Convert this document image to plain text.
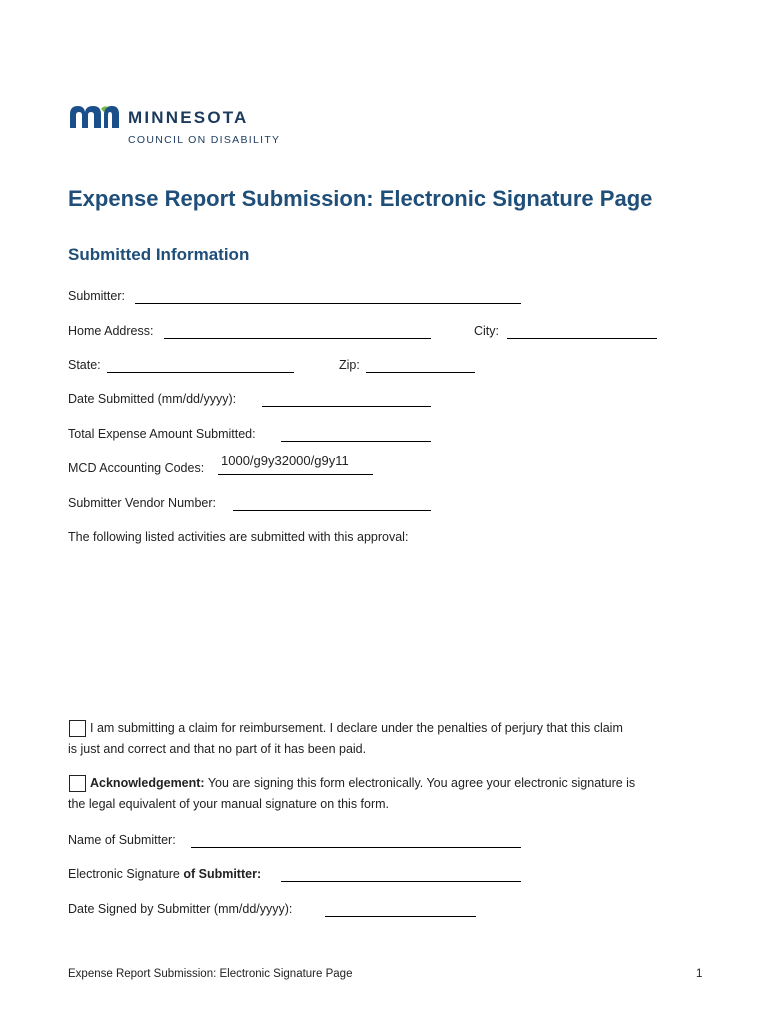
MINNESOTA
COUNCIL ON DISABILITY
Expense Report Submission: Electronic Signature Page
Submitted Information
Submitter:
Home Address:	City:
State:	Zip:
Date Submitted (mm/dd/yyyy):
Total Expense Amount Submitted:
MCD Accounting Codes: 1000/g9y32000/g9y11
Submitter Vendor Number:
The following listed activities are submitted with this approval:
I am submitting a claim for reimbursement. I declare under the penalties of perjury that this claim
is just and correct and that no part of it has been paid.
Acknowledgement: You are signing this form electronically. You agree your electronic signature is
the legal equivalent of your manual signature on this form.
Name of Submitter:
Electronic Signature of Submitter:
Date Signed by Submitter (mm/dd/yyyy):
Expense Report Submission: Electronic Signature Page	1
